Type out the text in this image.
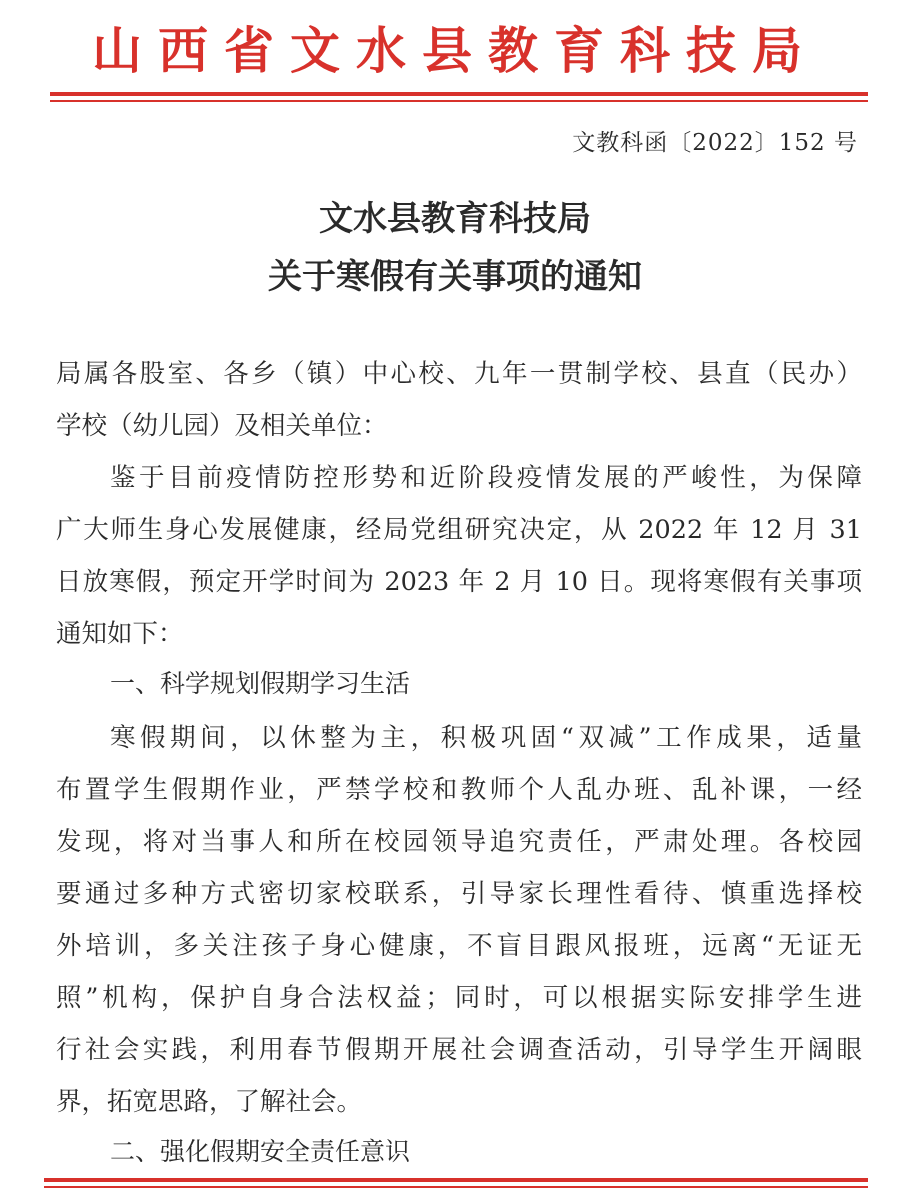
山西省文水县教育科技局
文教科函〔2022〕152 号
文水县教育科技局
关于寒假有关事项的通知
局属各股室、各乡（镇）中心校、九年一贯制学校、县直（民办）
学校（幼儿园）及相关单位：
鉴于目前疫情防控形势和近阶段疫情发展的严峻性，为保障
广大师生身心发展健康，经局党组研究决定，从 2022 年 12 月 31
日放寒假，预定开学时间为 2023 年 2 月 10 日。现将寒假有关事项
通知如下：
一、科学规划假期学习生活
寒假期间，以休整为主，积极巩固“双减”工作成果，适量
布置学生假期作业，严禁学校和教师个人乱办班、乱补课，一经
发现，将对当事人和所在校园领导追究责任，严肃处理。各校园
要通过多种方式密切家校联系，引导家长理性看待、慎重选择校
外培训，多关注孩子身心健康，不盲目跟风报班，远离“无证无
照”机构，保护自身合法权益；同时，可以根据实际安排学生进
行社会实践，利用春节假期开展社会调查活动，引导学生开阔眼
界，拓宽思路，了解社会。
二、强化假期安全责任意识
